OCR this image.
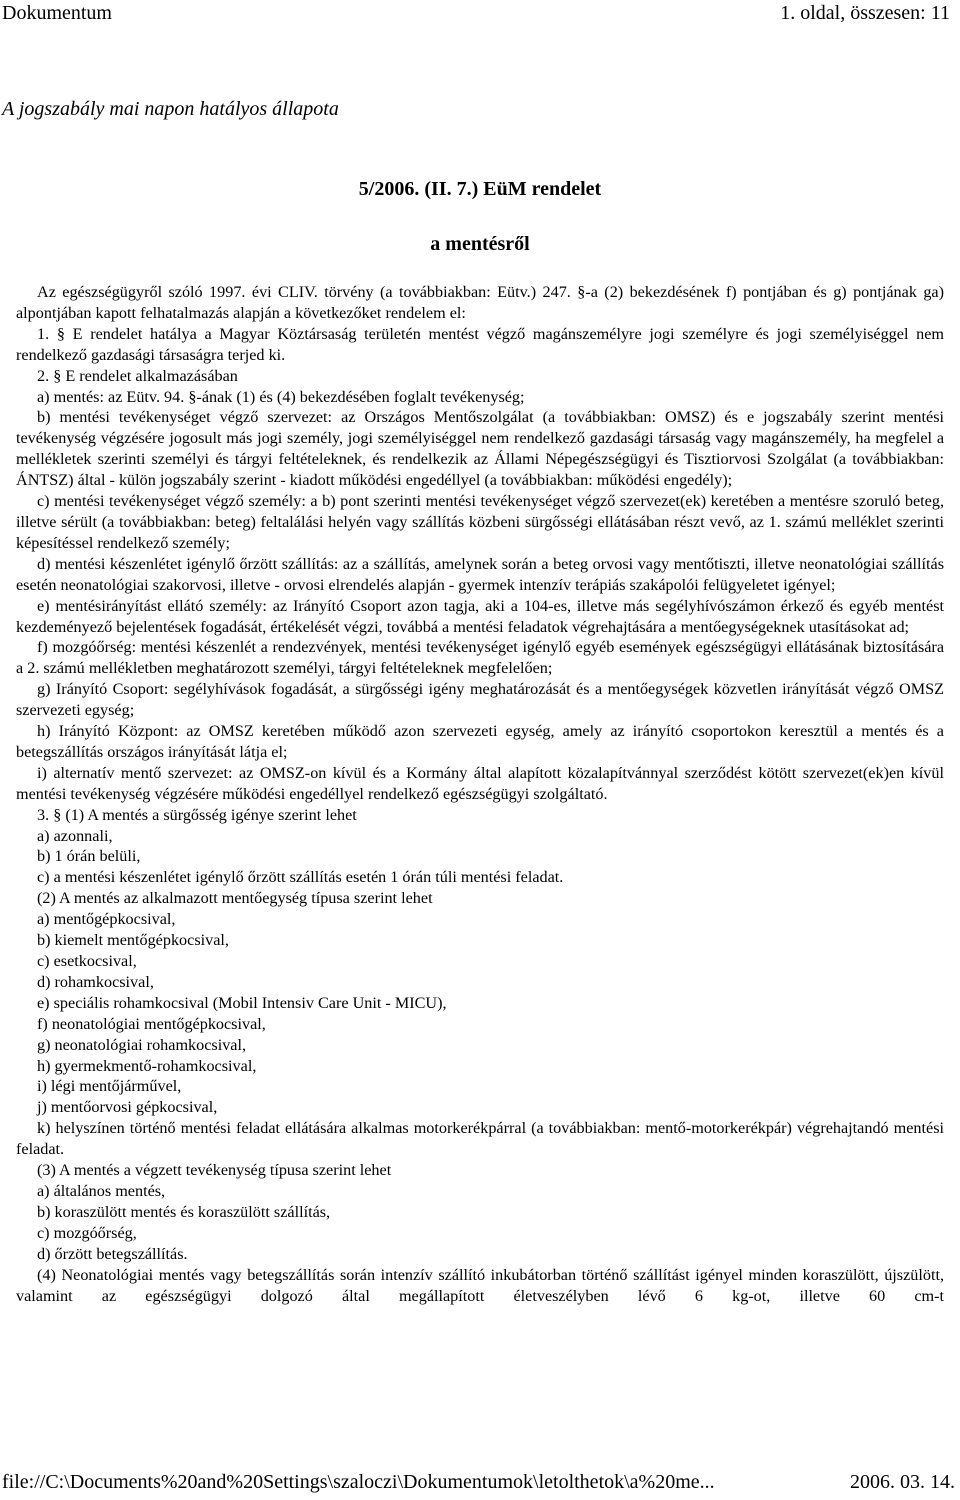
Dokumentum	1. oldal, összesen: 11
A jogszabály mai napon hatályos állapota
5/2006. (II. 7.) EüM rendelet
a mentésről

Az egészségügyről szóló 1997. évi CLIV. törvény (a továbbiakban: Eütv.) 247. §-a (2) bekezdésének f) pontjában és g) pontjának ga) alpontjában kapott felhatalmazás alapján a következőket rendelem el:

1. § E rendelet hatálya a Magyar Köztársaság területén mentést végző magánszemélyre jogi személyre és jogi személyiséggel nem rendelkező gazdasági társaságra terjed ki.

2. § E rendelet alkalmazásában

a) mentés: az Eütv. 94. §-ának (1) és (4) bekezdésében foglalt tevékenység;

b) mentési tevékenységet végző szervezet: az Országos Mentőszolgálat (a továbbiakban: OMSZ) és e jogszabály szerint mentési tevékenység végzésére jogosult más jogi személy, jogi személyiséggel nem rendelkező gazdasági társaság vagy magánszemély, ha megfelel a mellékletek szerinti személyi és tárgyi feltételeknek, és rendelkezik az Állami Népegészségügyi és Tisztiorvosi Szolgálat (a továbbiakban: ÁNTSZ) által - külön jogszabály szerint - kiadott működési engedéllyel (a továbbiakban: működési engedély);

c) mentési tevékenységet végző személy: a b) pont szerinti mentési tevékenységet végző szervezet(ek) keretében a mentésre szoruló beteg, illetve sérült (a továbbiakban: beteg) feltalálási helyén vagy szállítás közbeni sürgősségi ellátásában részt vevő, az 1. számú melléklet szerinti képesítéssel rendelkező személy;

d) mentési készenlétet igénylő őrzött szállítás: az a szállítás, amelynek során a beteg orvosi vagy mentőtiszti, illetve neonatológiai szállítás esetén neonatológiai szakorvosi, illetve - orvosi elrendelés alapján - gyermek intenzív terápiás szakápolói felügyeletet igényel;

e) mentésirányítást ellátó személy: az Irányító Csoport azon tagja, aki a 104-es, illetve más segélyhívószámon érkező és egyéb mentést kezdeményező bejelentések fogadását, értékelését végzi, továbbá a mentési feladatok végrehajtására a mentőegységeknek utasításokat ad;

f) mozgóőrség: mentési készenlét a rendezvények, mentési tevékenységet igénylő egyéb események egészségügyi ellátásának biztosítására a 2. számú mellékletben meghatározott személyi, tárgyi feltételeknek megfelelően;

g) Irányító Csoport: segélyhívások fogadását, a sürgősségi igény meghatározását és a mentőegységek közvetlen irányítását végző OMSZ szervezeti egység;

h) Irányító Központ: az OMSZ keretében működő azon szervezeti egység, amely az irányító csoportokon keresztül a mentés és a betegszállítás országos irányítását látja el;

i) alternatív mentő szervezet: az OMSZ-on kívül és a Kormány által alapított közalapítvánnyal szerződést kötött szervezet(ek)en kívül mentési tevékenység végzésére működési engedéllyel rendelkező egészségügyi szolgáltató.

3. § (1) A mentés a sürgősség igénye szerint lehet

a) azonnali,

b) 1 órán belüli,

c) a mentési készenlétet igénylő őrzött szállítás esetén 1 órán túli mentési feladat.

(2) A mentés az alkalmazott mentőegység típusa szerint lehet

a) mentőgépkocsival,

b) kiemelt mentőgépkocsival,

c) esetkocsival,

d) rohamkocsival,

e) speciális rohamkocsival (Mobil Intensiv Care Unit - MICU),

f) neonatológiai mentőgépkocsival,

g) neonatológiai rohamkocsival,

h) gyermekmentő-rohamkocsival,

i) légi mentőjárművel,

j) mentőorvosi gépkocsival,

k) helyszínen történő mentési feladat ellátására alkalmas motorkerékpárral (a továbbiakban: mentő-motorkerékpár) végrehajtandó mentési feladat.

(3) A mentés a végzett tevékenység típusa szerint lehet

a) általános mentés,

b) koraszülött mentés és koraszülött szállítás,

c) mozgóőrség,

d) őrzött betegszállítás.

(4) Neonatológiai mentés vagy betegszállítás során intenzív szállító inkubátorban történő szállítást igényel minden koraszülött, újszülött, valamint az egészségügyi dolgozó által megállapított életveszélyben lévő 6 kg-ot, illetve 60 cm-t

file://C:\Documents%20and%20Settings\szaloczi\Dokumentumok\letolthetok\a%20me...	2006. 03. 14.
